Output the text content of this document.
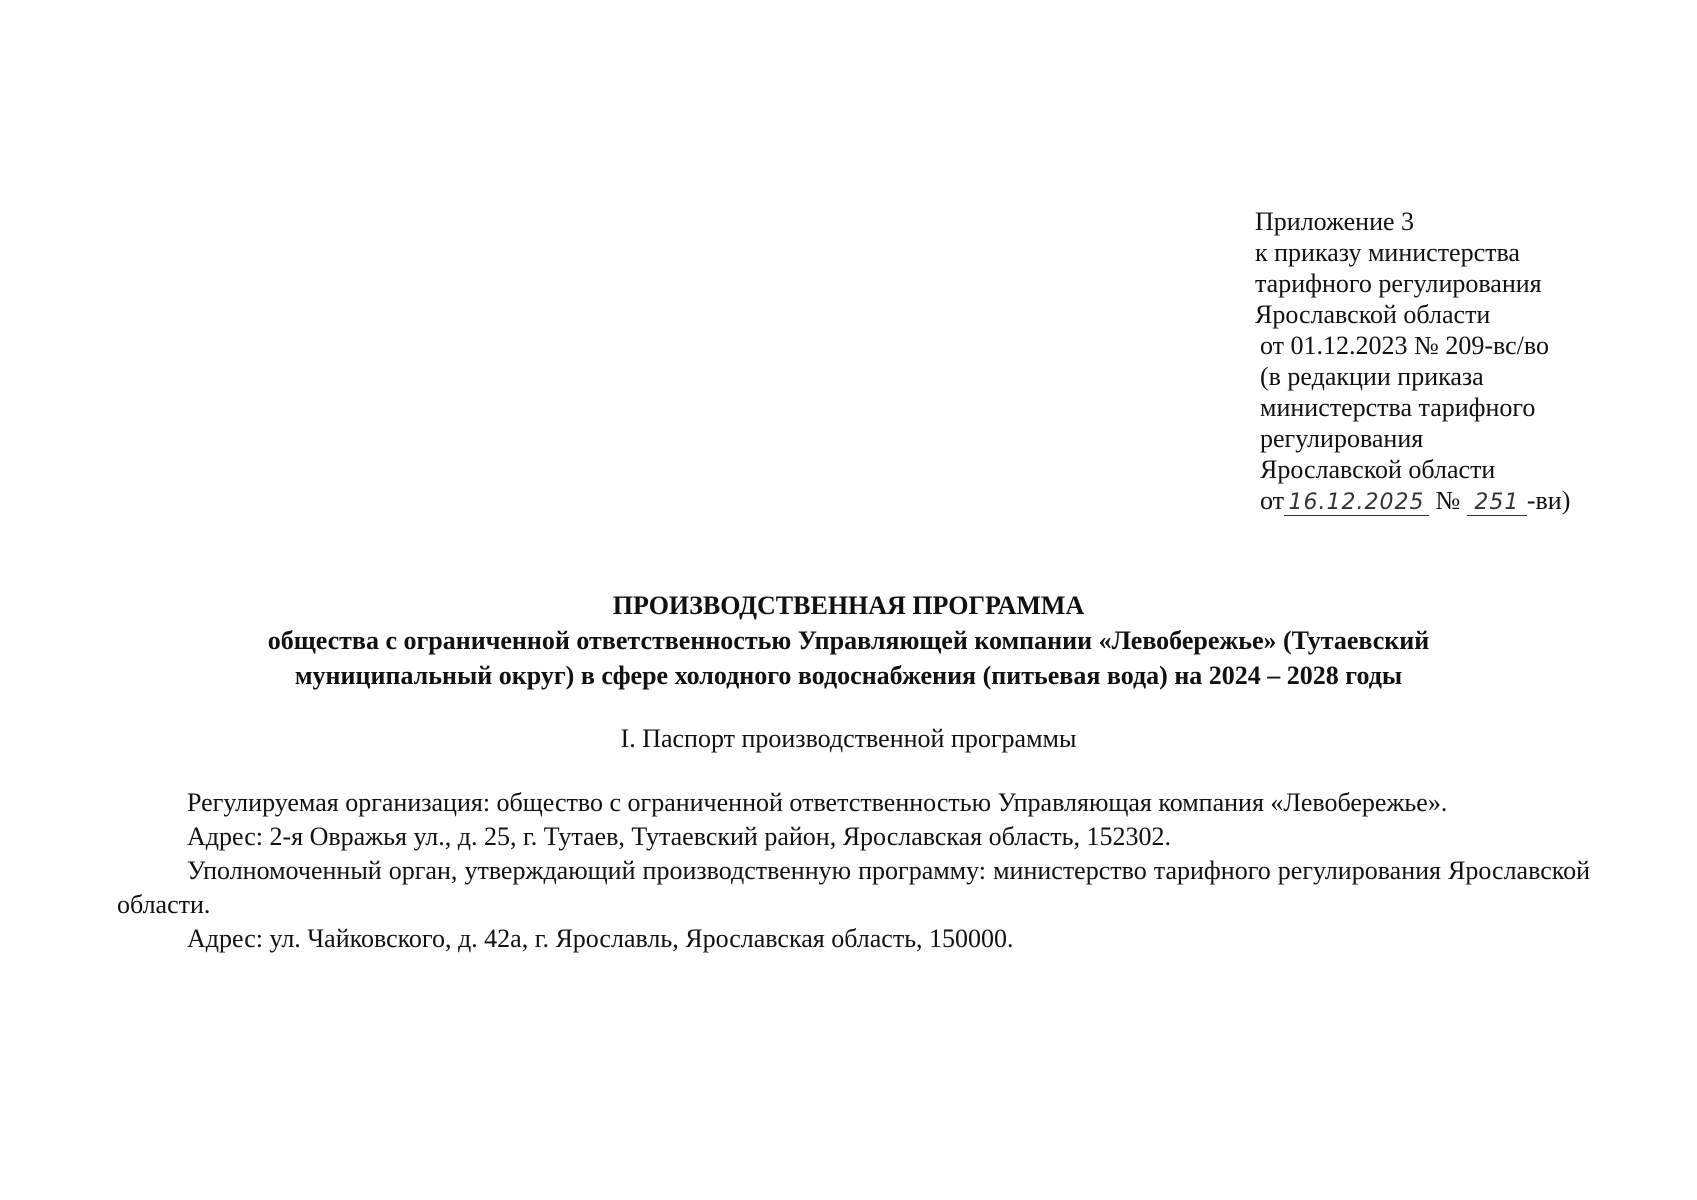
Приложение 3
к приказу министерства
тарифного регулирования
Ярославской области
от 01.12.2023 № 209-вс/во
(в редакции приказа
министерства тарифного
регулирования
Ярославской области
от 16.12.2025 № 251 -ви)
ПРОИЗВОДСТВЕННАЯ ПРОГРАММА
общества с ограниченной ответственностью Управляющей компании «Левобережье» (Тутаевский
муниципальный округ) в сфере холодного водоснабжения (питьевая вода) на 2024 – 2028 годы
I. Паспорт производственной программы
Регулируемая организация: общество с ограниченной ответственностью Управляющая компания «Левобережье».
Адрес: 2-я Овражья ул., д. 25, г. Тутаев, Тутаевский район, Ярославская область, 152302.
Уполномоченный орган, утверждающий производственную программу: министерство тарифного регулирования Ярославской области.
Адрес: ул. Чайковского, д. 42а, г. Ярославль, Ярославская область, 150000.
